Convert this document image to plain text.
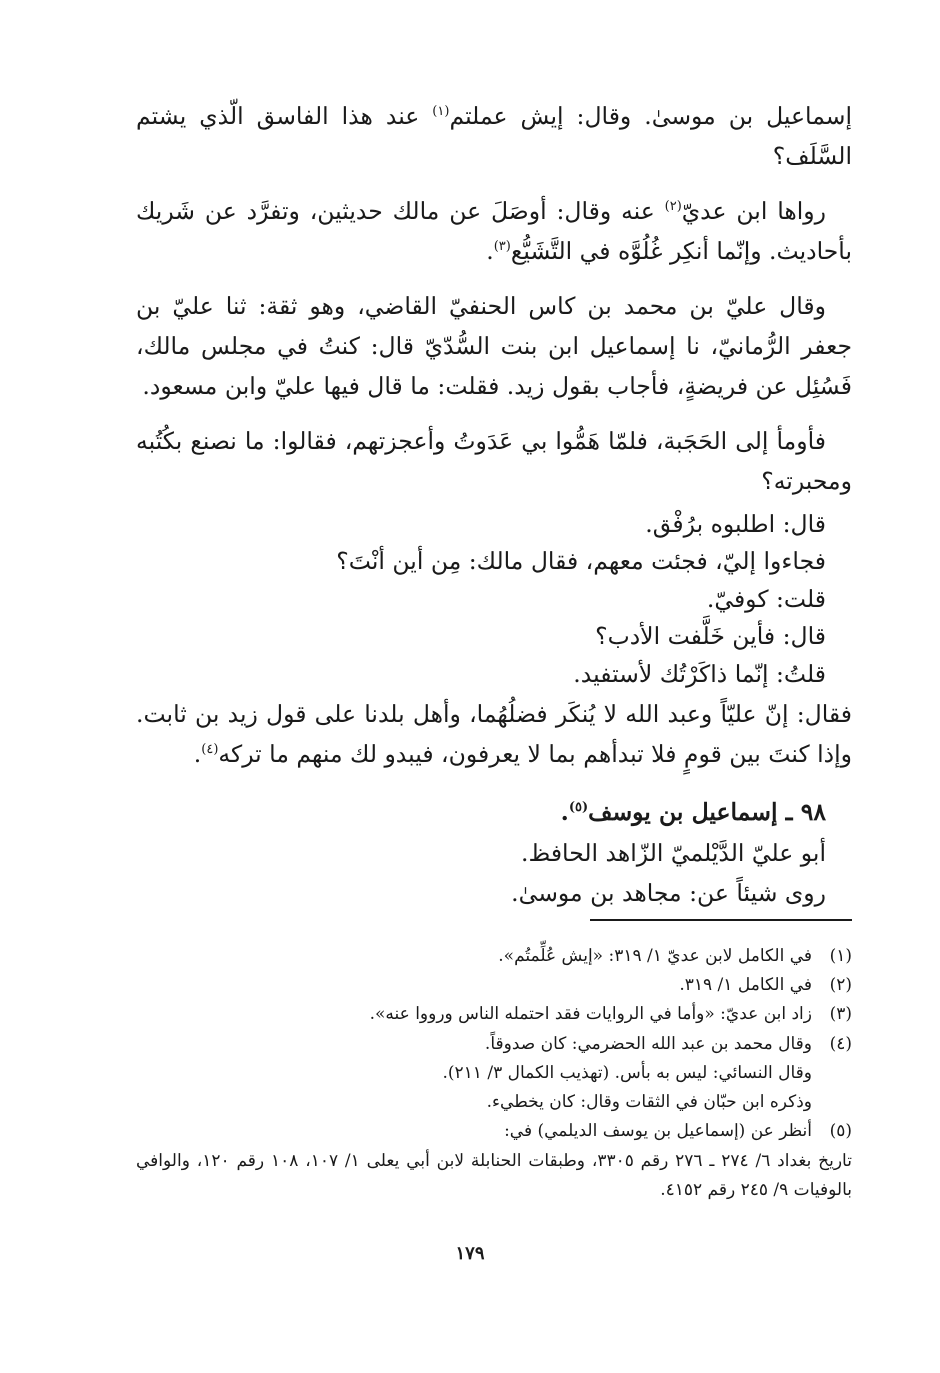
إسماعيل بن موسىٰ. وقال: إيش عملتم$^{(١)}$ عند هذا الفاسق الّذي يشتم السَّلَف؟

رواها ابن عديّ$^{(٢)}$ عنه وقال: أوصَلَ عن مالك حديثين، وتفرَّد عن شَريك بأحاديث. وإنّما أنكِر غُلُوَّه في التَّشَيُّع$^{(٣)}$.

وقال عليّ بن محمد بن كاس الحنفيّ القاضي، وهو ثقة: ثنا عليّ بن جعفر الرُّمانيّ، نا إسماعيل ابن بنت السُّدّيّ قال: كنتُ في مجلس مالك، فَسُئِل عن فريضةٍ، فأجاب بقول زيد. فقلت: ما قال فيها عليّ وابن مسعود.

فأومأ إلى الحَجَبة، فلمّا هَمُّوا بي عَدَوتُ وأعجزتهم، فقالوا: ما نصنع بكُتُبه ومحبرته؟

قال: اطلبوه برُفْق.

فجاءوا إليّ، فجئت معهم، فقال مالك: مِن أين أنْتَ؟

قلت: كوفيّ.

قال: فأين خَلَّفت الأدب؟

قلتُ: إنّما ذاكَرْتُك لأستفيد.

فقال: إنّ عليّاً وعبد الله لا يُنكَر فضلُهُما، وأهل بلدنا على قول زيد بن ثابت. وإذا كنتَ بين قومٍ فلا تبدأهم بما لا يعرفون، فيبدو لك منهم ما تركه$^{(٤)}$.

٩٨ ـ إسماعيل بن يوسف$^{(٥)}$.

أبو عليّ الدَّيْلميّ الزّاهد الحافظ.

روى شيئاً عن: مجاهد بن موسىٰ.

(١)
في الكامل لابن عديّ ١/ ٣١٩: «إيش عُلِّمتُم».
(٢)
في الكامل ١/ ٣١٩.
(٣)
زاد ابن عديّ: «وأما في الروايات فقد احتمله الناس ورووا عنه».
(٤)
وقال محمد بن عبد الله الحضرمي: كان صدوقاً.

وقال النسائي: ليس به بأس. (تهذيب الكمال ٣/ ٢١١).

وذكره ابن حبّان في الثقات وقال: كان يخطيء.

(٥)
أنظر عن (إسماعيل بن يوسف الديلمي) في:

تاريخ بغداد ٦/ ٢٧٤ ـ ٢٧٦ رقم ٣٣٠٥، وطبقات الحنابلة لابن أبي يعلى ١/ ١٠٧، ١٠٨ رقم ١٢٠، والوافي بالوفيات ٩/ ٢٤٥ رقم ٤١٥٢.

١٧٩
